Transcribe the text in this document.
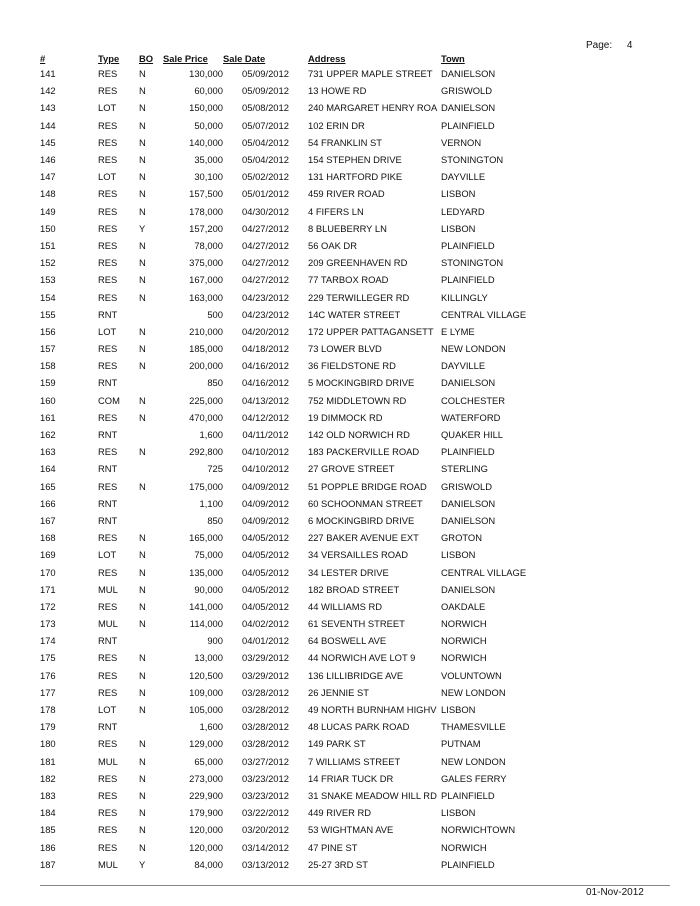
Page: 4
#	Type	BO	Sale Price	Sale Date	Address	Town
141	RES	N	130,000	05/09/2012	731 UPPER MAPLE STREET	DANIELSON
142	RES	N	60,000	05/09/2012	13 HOWE RD	GRISWOLD
143	LOT	N	150,000	05/08/2012	240 MARGARET HENRY ROA	DANIELSON
144	RES	N	50,000	05/07/2012	102 ERIN DR	PLAINFIELD
145	RES	N	140,000	05/04/2012	54 FRANKLIN ST	VERNON
146	RES	N	35,000	05/04/2012	154 STEPHEN DRIVE	STONINGTON
147	LOT	N	30,100	05/02/2012	131 HARTFORD PIKE	DAYVILLE
148	RES	N	157,500	05/01/2012	459 RIVER ROAD	LISBON
149	RES	N	178,000	04/30/2012	4 FIFERS LN	LEDYARD
150	RES	Y	157,200	04/27/2012	8 BLUEBERRY LN	LISBON
151	RES	N	78,000	04/27/2012	56 OAK DR	PLAINFIELD
152	RES	N	375,000	04/27/2012	209 GREENHAVEN RD	STONINGTON
153	RES	N	167,000	04/27/2012	77 TARBOX ROAD	PLAINFIELD
154	RES	N	163,000	04/23/2012	229 TERWILLEGER RD	KILLINGLY
155	RNT		500	04/23/2012	14C WATER STREET	CENTRAL VILLAGE
156	LOT	N	210,000	04/20/2012	172 UPPER PATTAGANSETT	E LYME
157	RES	N	185,000	04/18/2012	73 LOWER BLVD	NEW LONDON
158	RES	N	200,000	04/16/2012	36 FIELDSTONE RD	DAYVILLE
159	RNT		850	04/16/2012	5 MOCKINGBIRD DRIVE	DANIELSON
160	COM	N	225,000	04/13/2012	752 MIDDLETOWN RD	COLCHESTER
161	RES	N	470,000	04/12/2012	19 DIMMOCK RD	WATERFORD
162	RNT		1,600	04/11/2012	142 OLD NORWICH RD	QUAKER HILL
163	RES	N	292,800	04/10/2012	183 PACKERVILLE ROAD	PLAINFIELD
164	RNT		725	04/10/2012	27 GROVE STREET	STERLING
165	RES	N	175,000	04/09/2012	51 POPPLE BRIDGE ROAD	GRISWOLD
166	RNT		1,100	04/09/2012	60 SCHOONMAN STREET	DANIELSON
167	RNT		850	04/09/2012	6 MOCKINGBIRD DRIVE	DANIELSON
168	RES	N	165,000	04/05/2012	227 BAKER AVENUE EXT	GROTON
169	LOT	N	75,000	04/05/2012	34 VERSAILLES ROAD	LISBON
170	RES	N	135,000	04/05/2012	34 LESTER DRIVE	CENTRAL VILLAGE
171	MUL	N	90,000	04/05/2012	182 BROAD STREET	DANIELSON
172	RES	N	141,000	04/05/2012	44 WILLIAMS RD	OAKDALE
173	MUL	N	114,000	04/02/2012	61 SEVENTH STREET	NORWICH
174	RNT		900	04/01/2012	64 BOSWELL AVE	NORWICH
175	RES	N	13,000	03/29/2012	44 NORWICH AVE LOT 9	NORWICH
176	RES	N	120,500	03/29/2012	136 LILLIBRIDGE AVE	VOLUNTOWN
177	RES	N	109,000	03/28/2012	26 JENNIE ST	NEW LONDON
178	LOT	N	105,000	03/28/2012	49 NORTH BURNHAM HIGHV	LISBON
179	RNT		1,600	03/28/2012	48 LUCAS PARK ROAD	THAMESVILLE
180	RES	N	129,000	03/28/2012	149 PARK ST	PUTNAM
181	MUL	N	65,000	03/27/2012	7 WILLIAMS STREET	NEW LONDON
182	RES	N	273,000	03/23/2012	14 FRIAR TUCK DR	GALES FERRY
183	RES	N	229,900	03/23/2012	31 SNAKE MEADOW HILL RD	PLAINFIELD
184	RES	N	179,900	03/22/2012	449 RIVER RD	LISBON
185	RES	N	120,000	03/20/2012	53 WIGHTMAN AVE	NORWICHTOWN
186	RES	N	120,000	03/14/2012	47 PINE ST	NORWICH
187	MUL	Y	84,000	03/13/2012	25-27 3RD ST	PLAINFIELD
01-Nov-2012
